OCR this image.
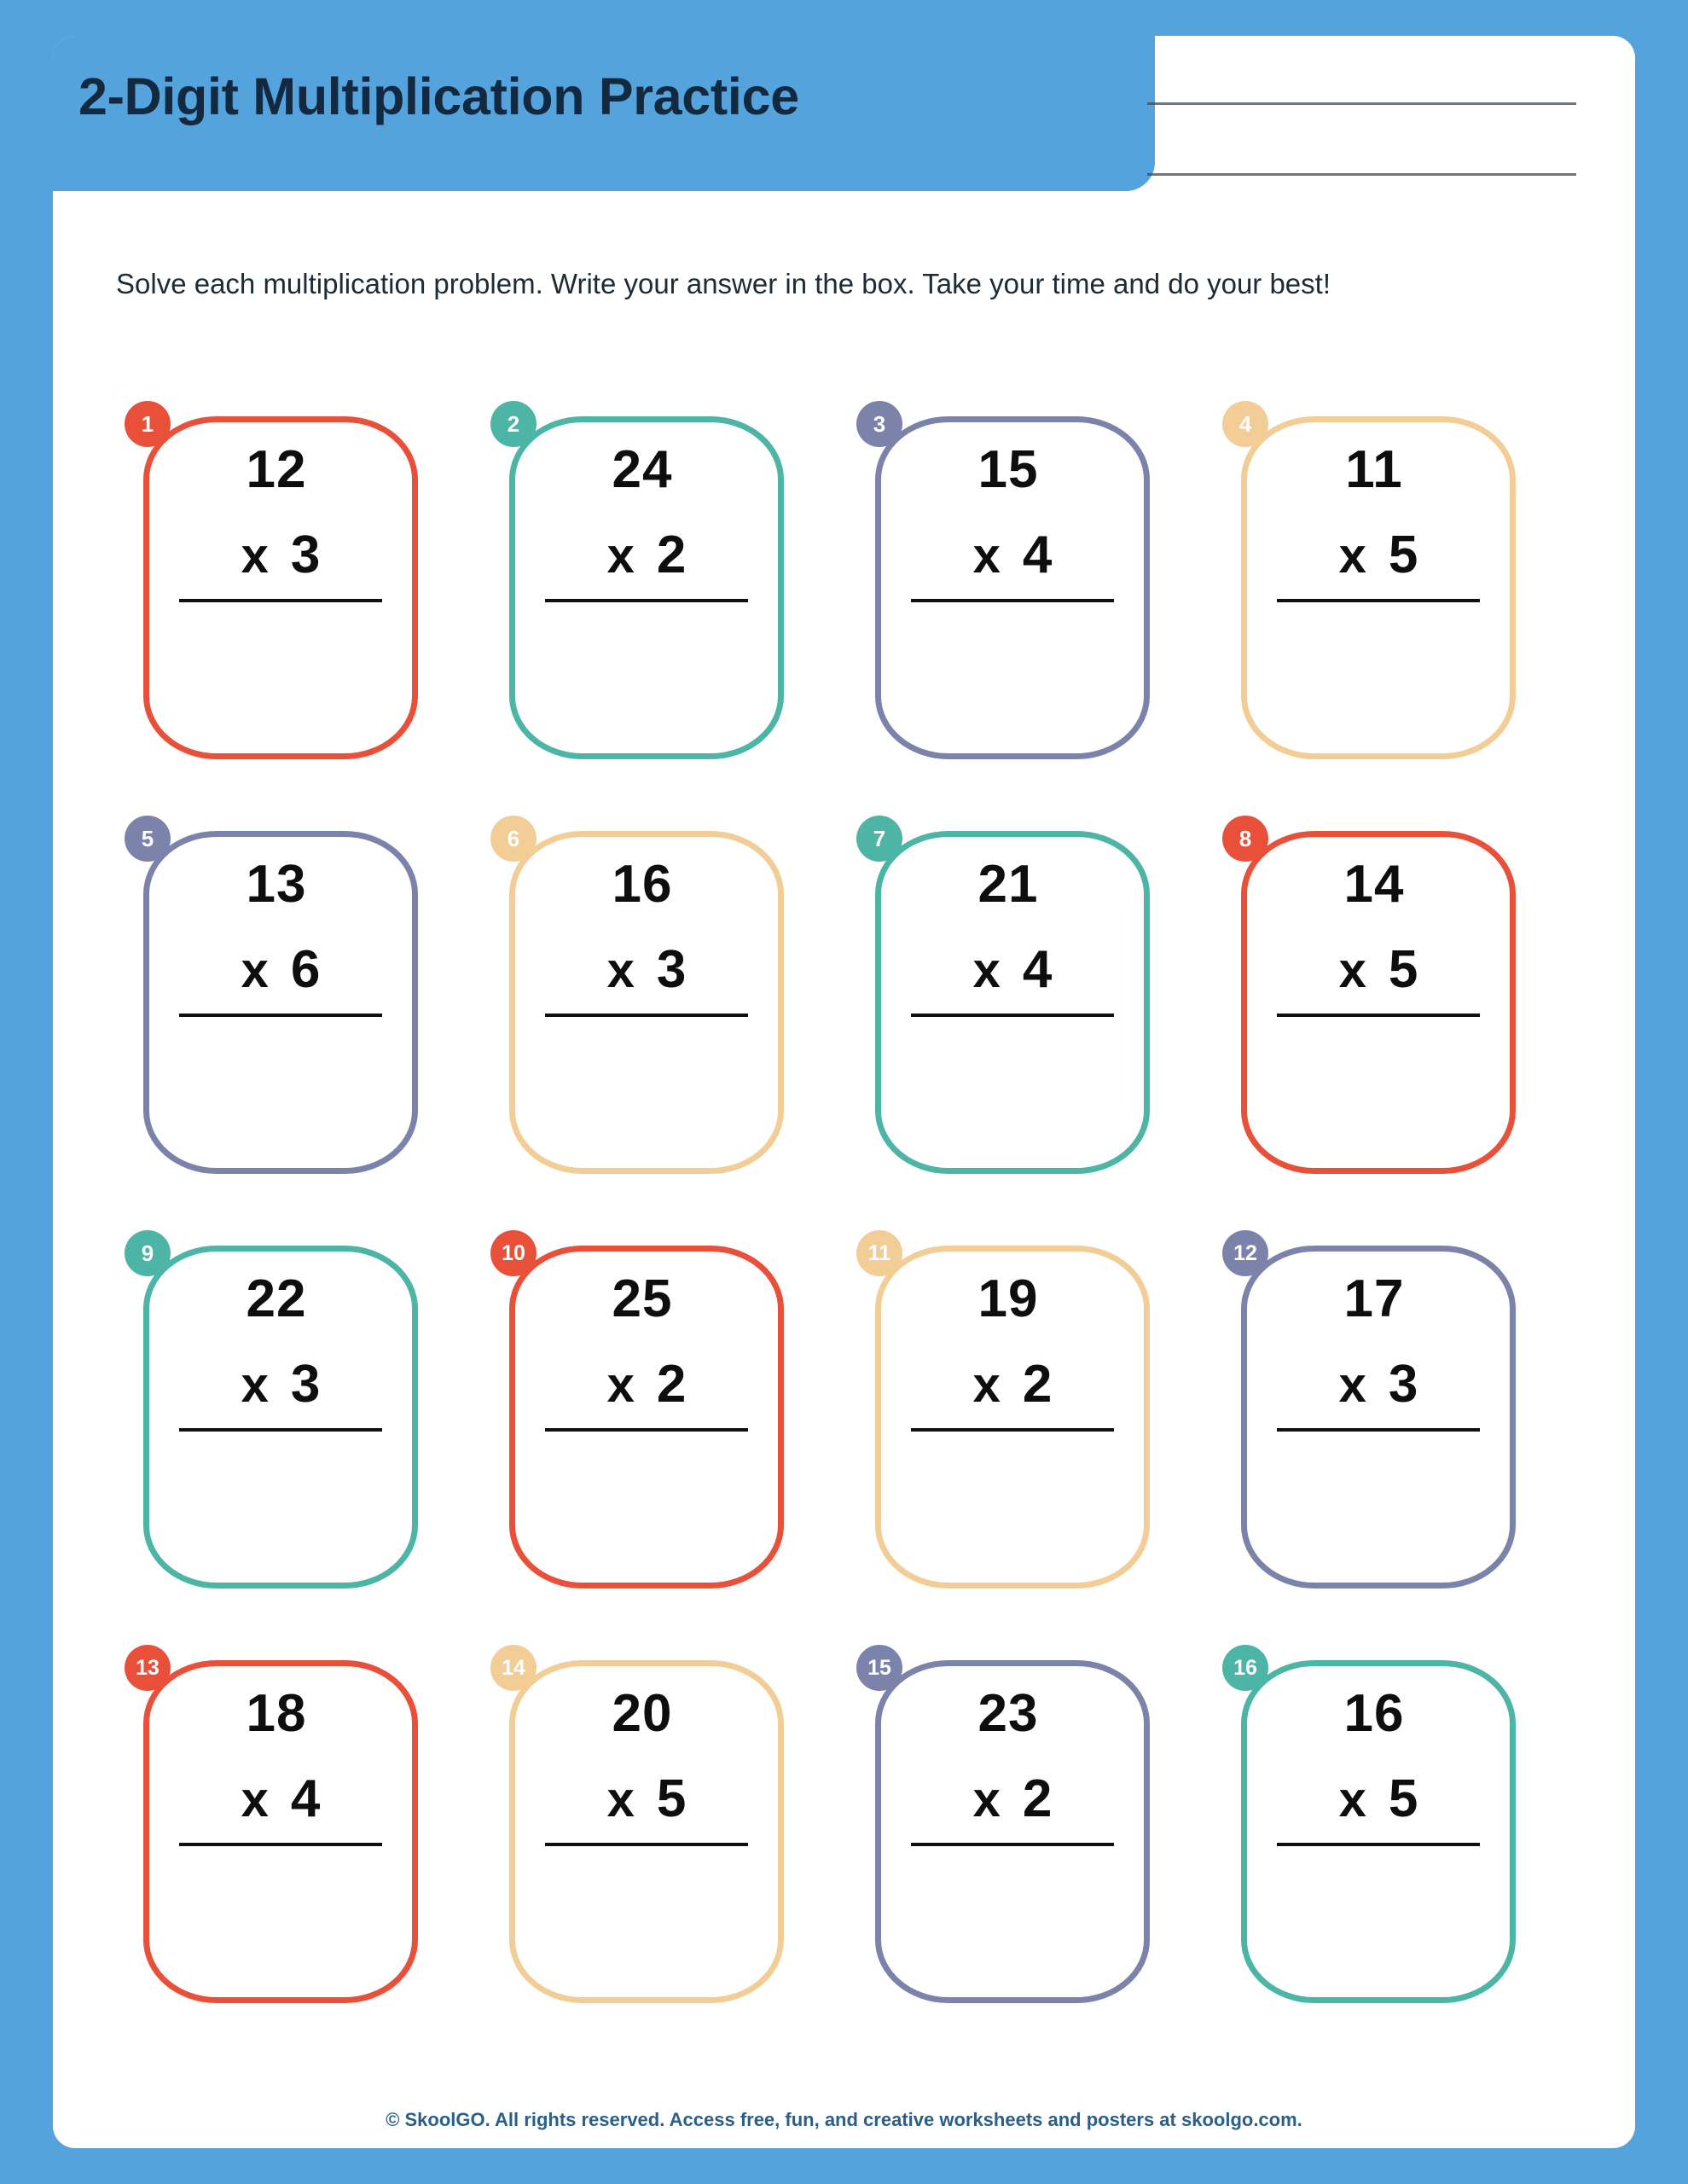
2-Digit Multiplication Practice
Solve each multiplication problem. Write your answer in the box. Take your time and do your best!
12
x 3
1
24
x 2
2
15
x 4
3
11
x 5
4
13
x 6
5
16
x 3
6
21
x 4
7
14
x 5
8
22
x 3
9
25
x 2
10
19
x 2
11
17
x 3
12
18
x 4
13
20
x 5
14
23
x 2
15
16
x 5
16
© SkoolGO. All rights reserved. Access free, fun, and creative worksheets and posters at skoolgo.com.
